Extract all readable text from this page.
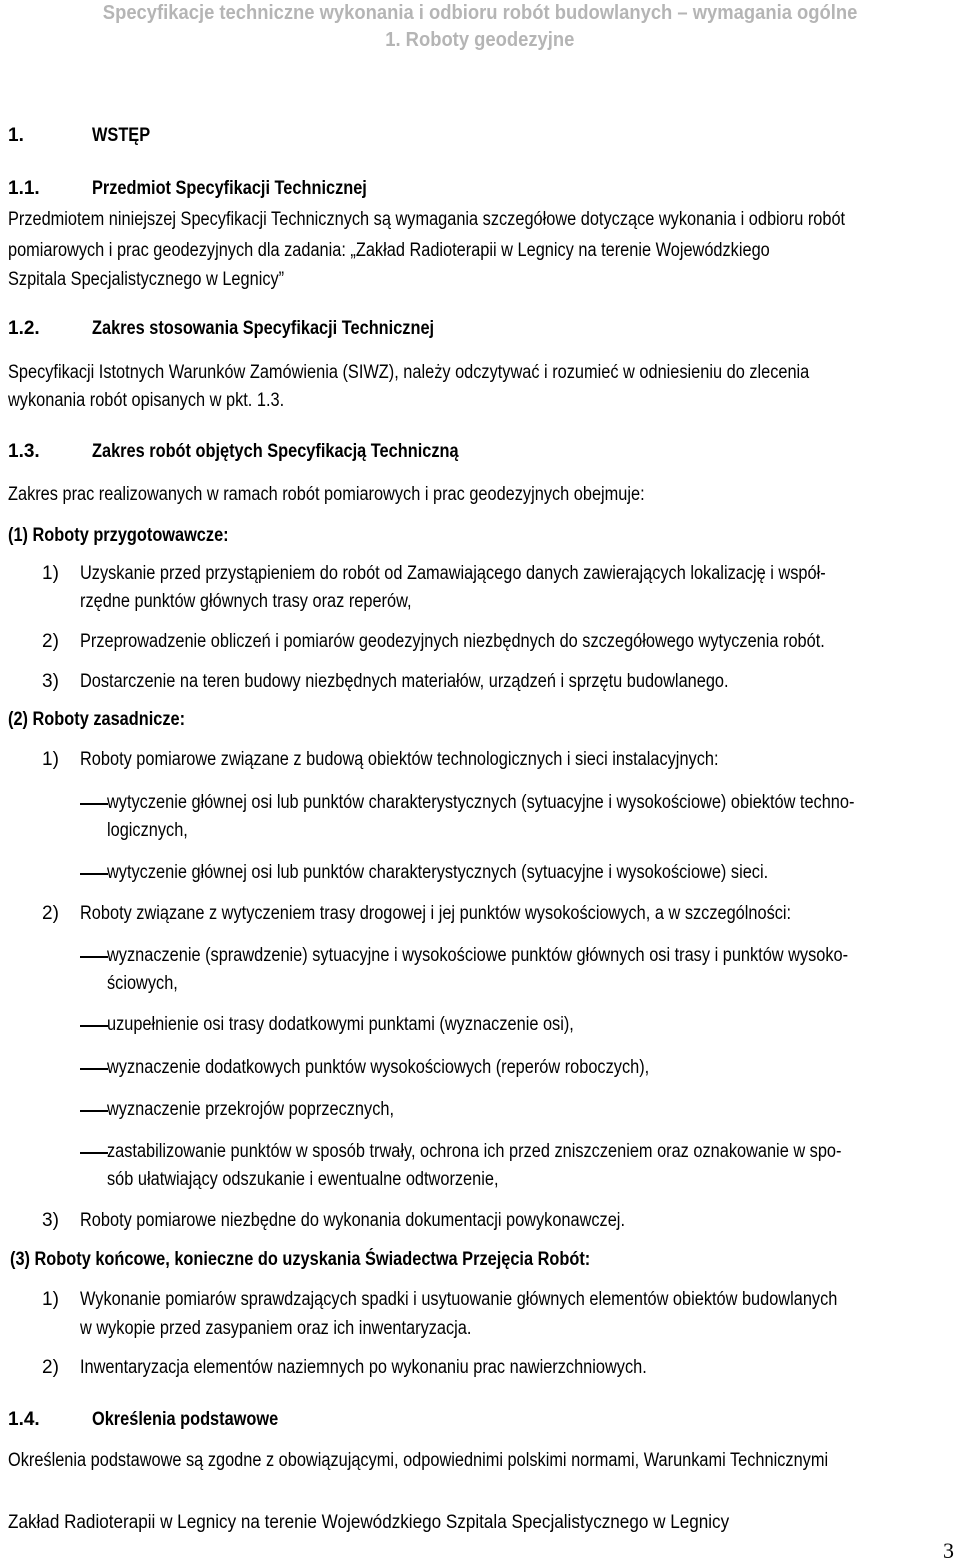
Specyfikacje techniczne wykonania i odbioru robót budowlanych – wymagania ogólne
1. Roboty geodezyjne
1.	WSTĘP
1.1.	Przedmiot Specyfikacji Technicznej
Przedmiotem niniejszej Specyfikacji Technicznych są wymagania szczegółowe dotyczące wykonania i odbioru robót
pomiarowych i prac geodezyjnych dla zadania: „Zakład Radioterapii w Legnicy na terenie Wojewódzkiego
Szpitala Specjalistycznego w Legnicy”
1.2.	Zakres stosowania Specyfikacji Technicznej
Specyfikacji Istotnych Warunków Zamówienia (SIWZ), należy odczytywać i rozumieć w odniesieniu do zlecenia
wykonania robót opisanych w pkt. 1.3.
1.3.	Zakres robót objętych Specyfikacją Techniczną
Zakres prac realizowanych w ramach robót pomiarowych i prac geodezyjnych obejmuje:
(1) Roboty przygotowawcze:
1) Uzyskanie przed przystąpieniem do robót od Zamawiającego danych zawierających lokalizację i współ-
rzędne punktów głównych trasy oraz reperów,
2) Przeprowadzenie obliczeń i pomiarów geodezyjnych niezbędnych do szczegółowego wytyczenia robót.
3) Dostarczenie na teren budowy niezbędnych materiałów, urządzeń i sprzętu budowlanego.
(2) Roboty zasadnicze:
1) Roboty pomiarowe związane z budową obiektów technologicznych i sieci instalacyjnych:
wytyczenie głównej osi lub punktów charakterystycznych (sytuacyjne i wysokościowe) obiektów techno-
logicznych,
wytyczenie głównej osi lub punktów charakterystycznych (sytuacyjne i wysokościowe) sieci.
2) Roboty związane z wytyczeniem trasy drogowej i jej punktów wysokościowych, a w szczególności:
wyznaczenie (sprawdzenie) sytuacyjne i wysokościowe punktów głównych osi trasy i punktów wysoko-
ściowych,
uzupełnienie osi trasy dodatkowymi punktami (wyznaczenie osi),
wyznaczenie dodatkowych punktów wysokościowych (reperów roboczych),
wyznaczenie przekrojów poprzecznych,
zastabilizowanie punktów w sposób trwały, ochrona ich przed zniszczeniem oraz oznakowanie w spo-
sób ułatwiający odszukanie i ewentualne odtworzenie,
3) Roboty pomiarowe niezbędne do wykonania dokumentacji powykonawczej.
(3) Roboty końcowe, konieczne do uzyskania Świadectwa Przejęcia Robót:
1) Wykonanie pomiarów sprawdzających spadki i usytuowanie głównych elementów obiektów budowlanych
w wykopie przed zasypaniem oraz ich inwentaryzacja.
2) Inwentaryzacja elementów naziemnych po wykonaniu prac nawierzchniowych.
1.4.	Określenia podstawowe
Określenia podstawowe są zgodne z obowiązującymi, odpowiednimi polskimi normami, Warunkami Technicznymi
Zakład Radioterapii w Legnicy na terenie Wojewódzkiego Szpitala Specjalistycznego w Legnicy
3
